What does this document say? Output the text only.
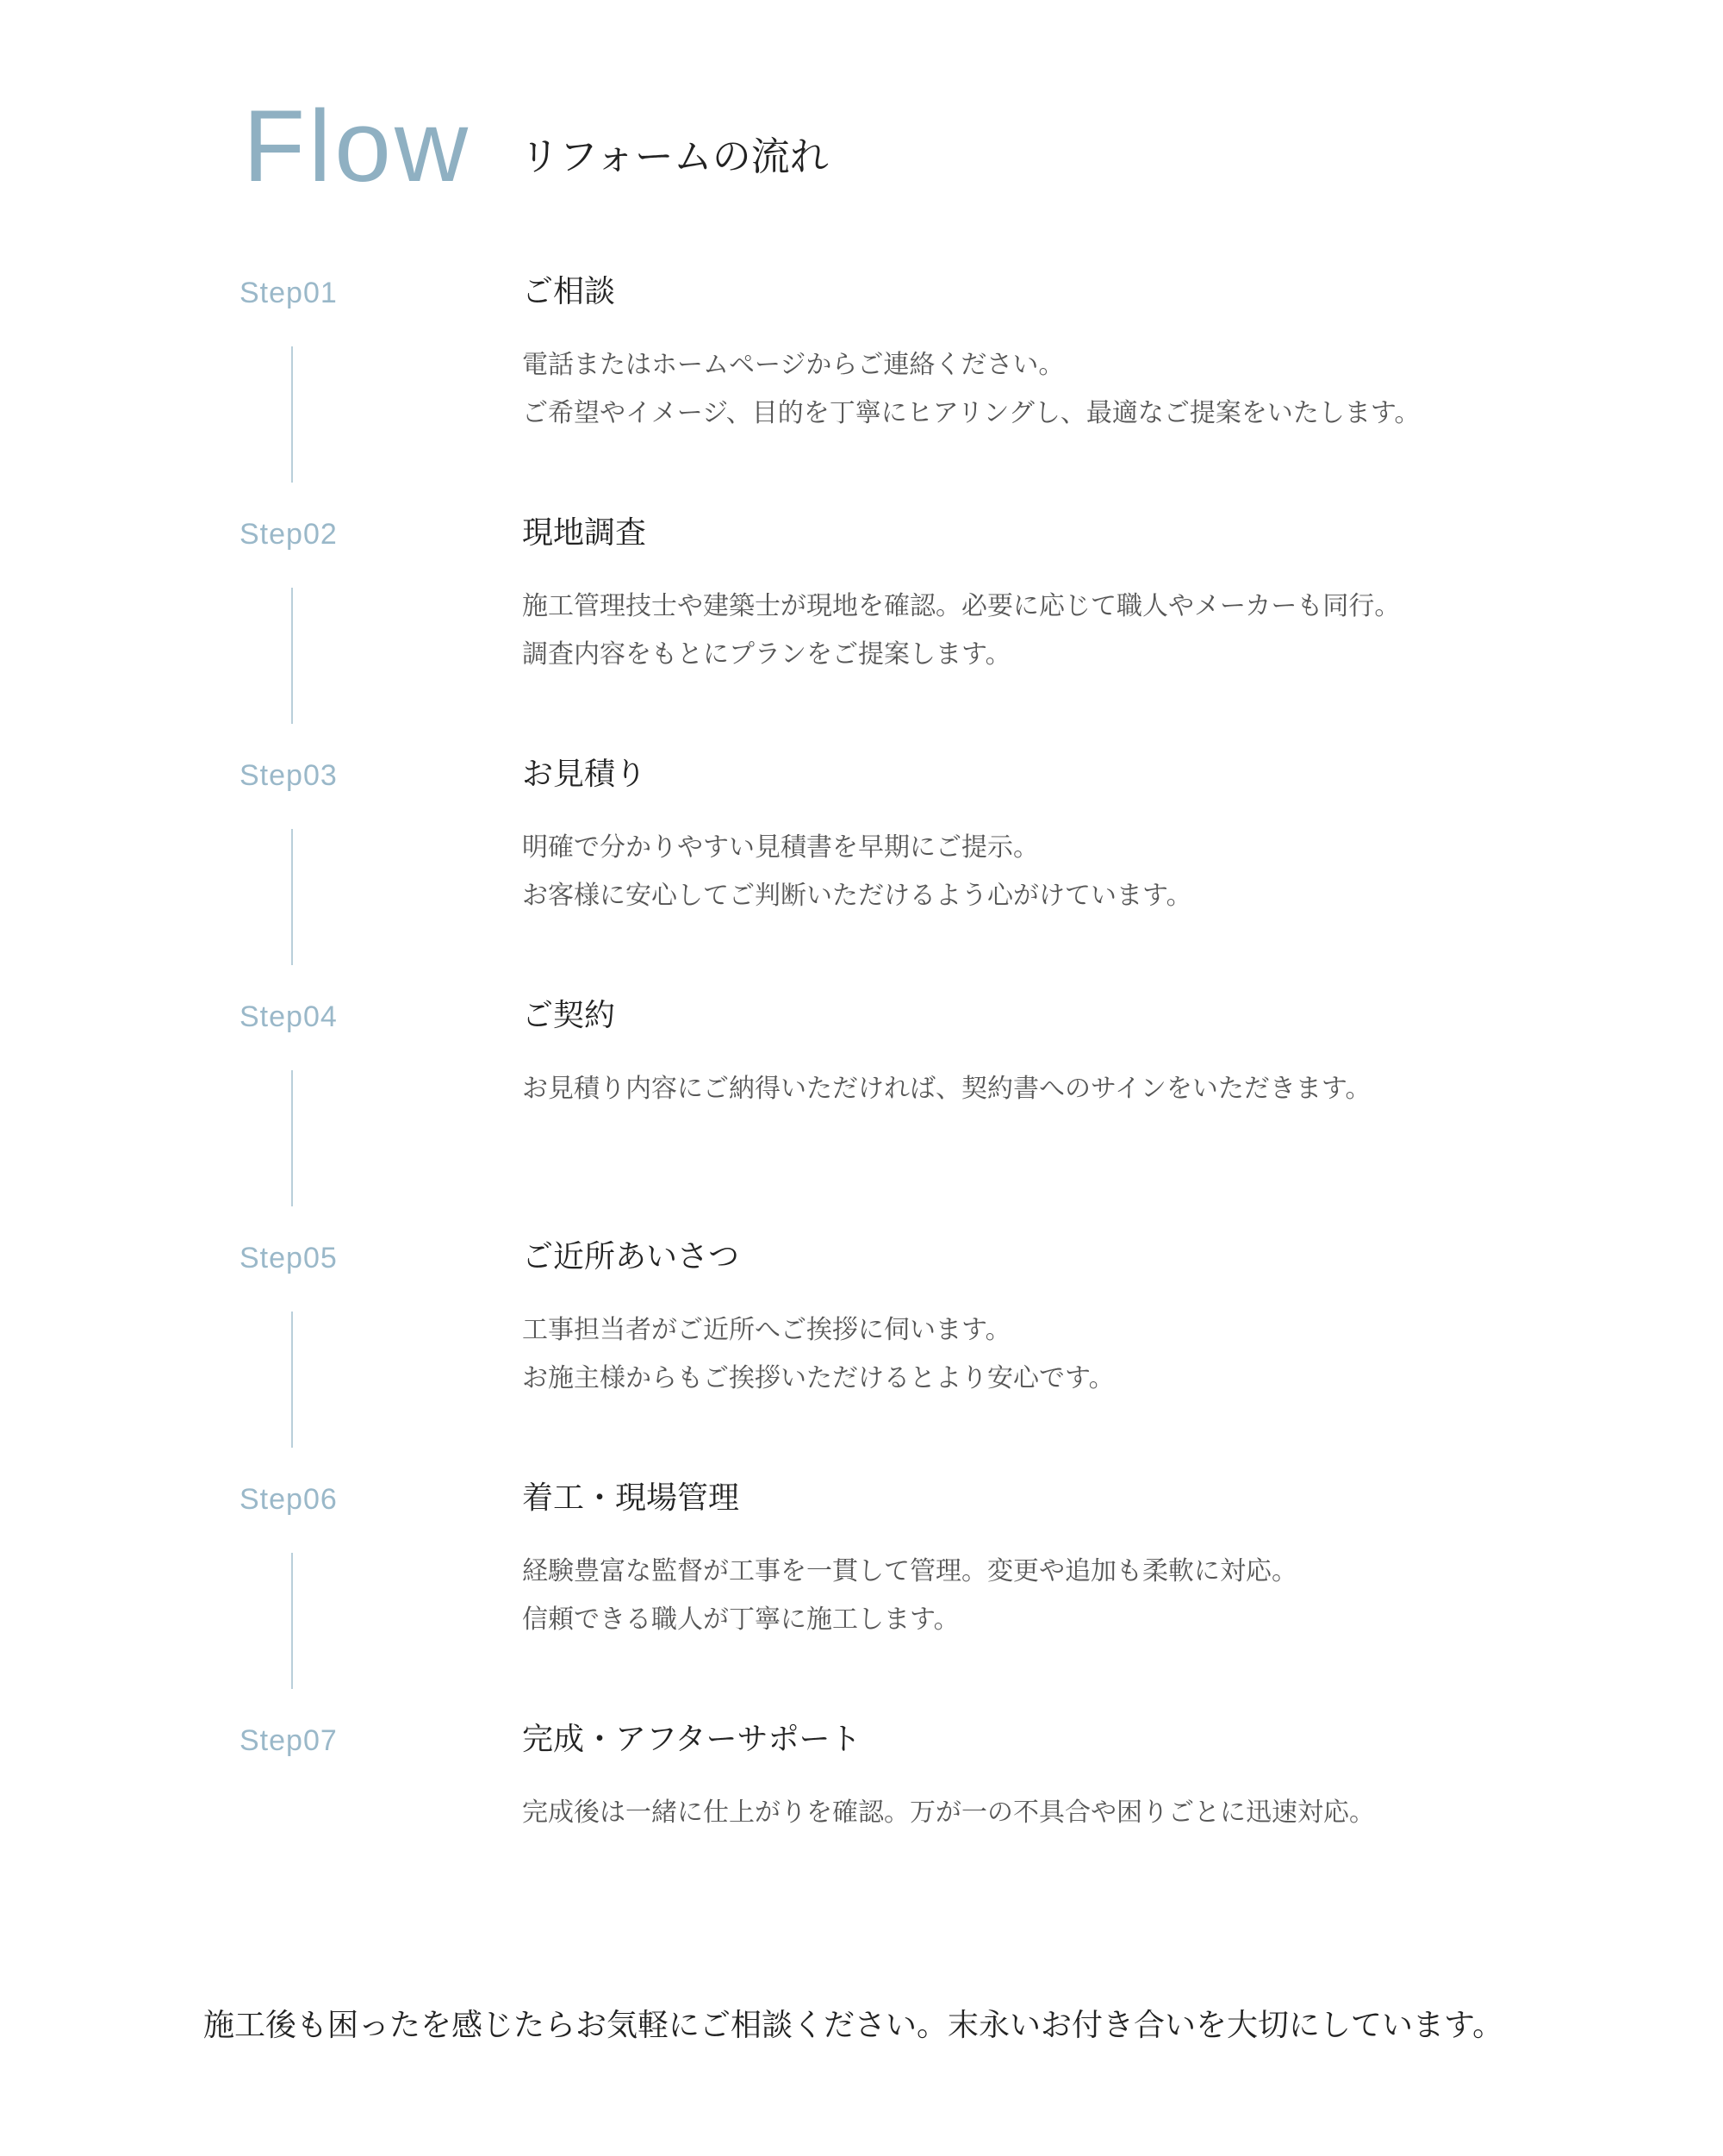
Flow リフォームの流れ
Step01	ご相談

電話またはホームページからご連絡ください。

ご希望やイメージ、目的を丁寧にヒアリングし、最適なご提案をいたします。

Step02	現地調査

施工管理技士や建築士が現地を確認。必要に応じて職人やメーカーも同行。

調査内容をもとにプランをご提案します。

Step03	お見積り

明確で分かりやすい見積書を早期にご提示。

お客様に安心してご判断いただけるよう心がけています。

Step04	ご契約

お見積り内容にご納得いただければ、契約書へのサインをいただきます。

Step05	ご近所あいさつ

工事担当者がご近所へご挨拶に伺います。

お施主様からもご挨拶いただけるとより安心です。

Step06	着工・現場管理

経験豊富な監督が工事を一貫して管理。変更や追加も柔軟に対応。

信頼できる職人が丁寧に施工します。

Step07	完成・アフターサポート

完成後は一緒に仕上がりを確認。万が一の不具合や困りごとに迅速対応。

施工後も困ったを感じたらお気軽にご相談ください。末永いお付き合いを大切にしています。
